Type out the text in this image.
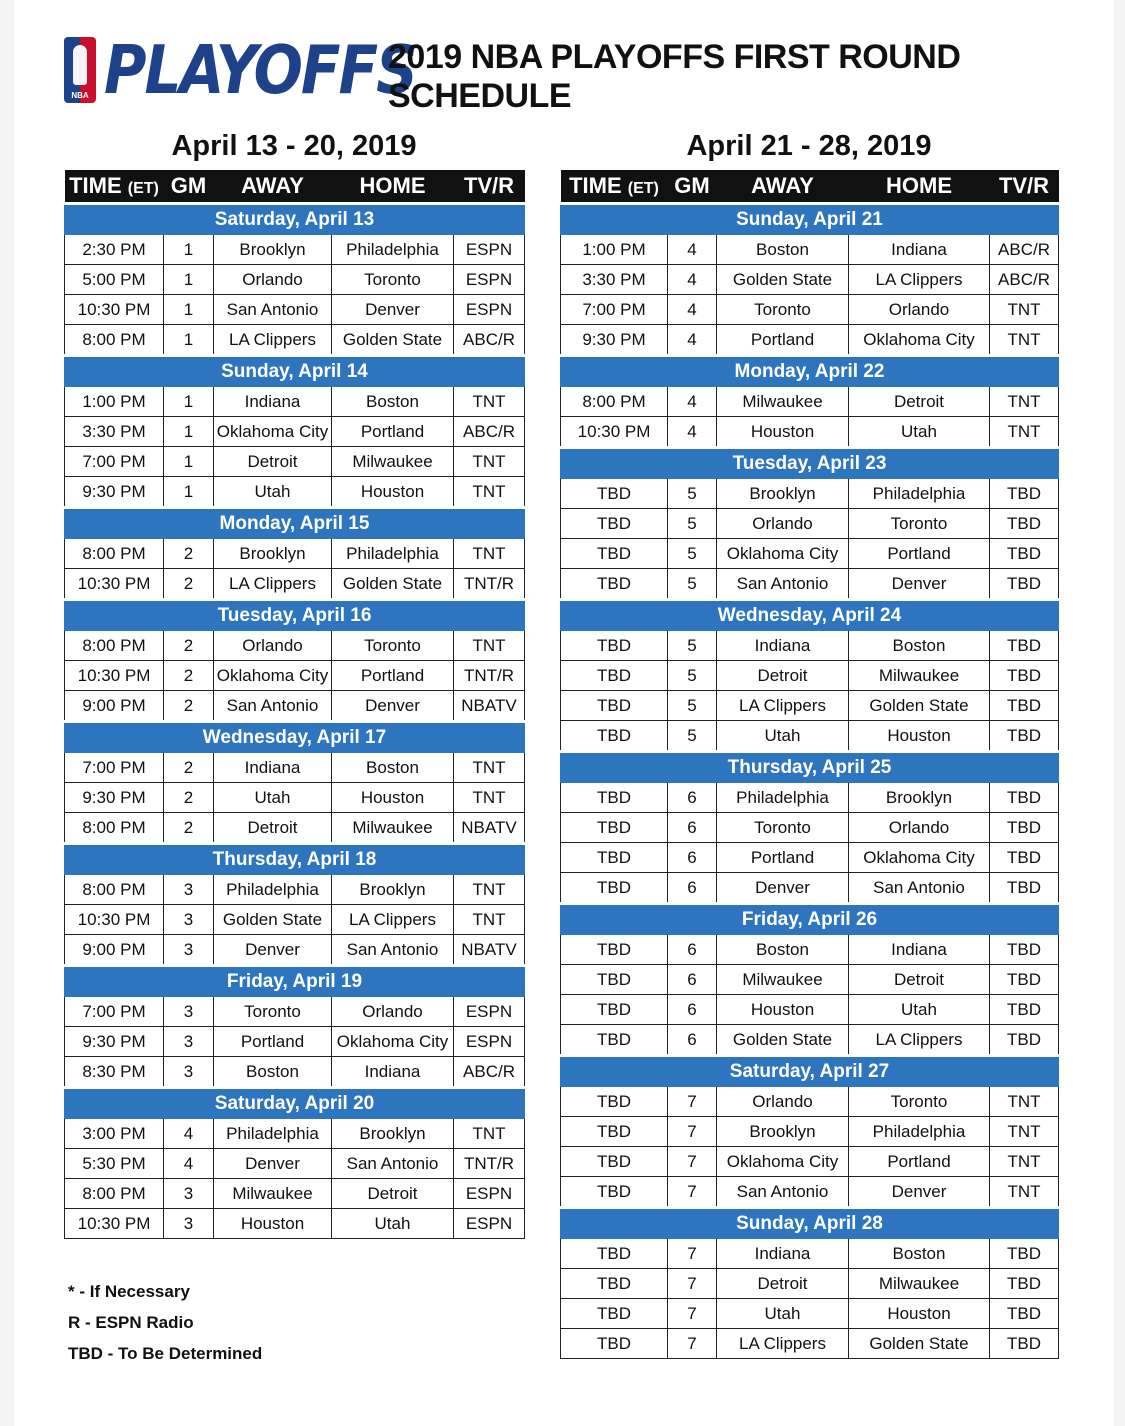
NBA PLAYOFFS
2019 NBA PLAYOFFS FIRST ROUND SCHEDULE
April 13 - 20, 2019	April 21 - 28, 2019
TIME (ET)	GM	AWAY	HOME	TV/R
Saturday, April 13				
2:30 PM	1	Brooklyn	Philadelphia	ESPN
5:00 PM	1	Orlando	Toronto	ESPN
10:30 PM	1	San Antonio	Denver	ESPN
8:00 PM	1	LA Clippers	Golden State	ABC/R
Sunday, April 14				
1:00 PM	1	Indiana	Boston	TNT
3:30 PM	1	Oklahoma City	Portland	ABC/R
7:00 PM	1	Detroit	Milwaukee	TNT
9:30 PM	1	Utah	Houston	TNT
Monday, April 15				
8:00 PM	2	Brooklyn	Philadelphia	TNT
10:30 PM	2	LA Clippers	Golden State	TNT/R
Tuesday, April 16				
8:00 PM	2	Orlando	Toronto	TNT
10:30 PM	2	Oklahoma City	Portland	TNT/R
9:00 PM	2	San Antonio	Denver	NBATV
Wednesday, April 17				
7:00 PM	2	Indiana	Boston	TNT
9:30 PM	2	Utah	Houston	TNT
8:00 PM	2	Detroit	Milwaukee	NBATV
Thursday, April 18				
8:00 PM	3	Philadelphia	Brooklyn	TNT
10:30 PM	3	Golden State	LA Clippers	TNT
9:00 PM	3	Denver	San Antonio	NBATV
Friday, April 19				
7:00 PM	3	Toronto	Orlando	ESPN
9:30 PM	3	Portland	Oklahoma City	ESPN
8:30 PM	3	Boston	Indiana	ABC/R
Saturday, April 20				
3:00 PM	4	Philadelphia	Brooklyn	TNT
5:30 PM	4	Denver	San Antonio	TNT/R
8:00 PM	3	Milwaukee	Detroit	ESPN
10:30 PM	3	Houston	Utah	ESPN
TIME (ET)	GM	AWAY	HOME	TV/R
Sunday, April 21				
1:00 PM	4	Boston	Indiana	ABC/R
3:30 PM	4	Golden State	LA Clippers	ABC/R
7:00 PM	4	Toronto	Orlando	TNT
9:30 PM	4	Portland	Oklahoma City	TNT
Monday, April 22				
8:00 PM	4	Milwaukee	Detroit	TNT
10:30 PM	4	Houston	Utah	TNT
Tuesday, April 23				
TBD	5	Brooklyn	Philadelphia	TBD
TBD	5	Orlando	Toronto	TBD
TBD	5	Oklahoma City	Portland	TBD
TBD	5	San Antonio	Denver	TBD
Wednesday, April 24				
TBD	5	Indiana	Boston	TBD
TBD	5	Detroit	Milwaukee	TBD
TBD	5	LA Clippers	Golden State	TBD
TBD	5	Utah	Houston	TBD
Thursday, April 25				
TBD	6	Philadelphia	Brooklyn	TBD
TBD	6	Toronto	Orlando	TBD
TBD	6	Portland	Oklahoma City	TBD
TBD	6	Denver	San Antonio	TBD
Friday, April 26				
TBD	6	Boston	Indiana	TBD
TBD	6	Milwaukee	Detroit	TBD
TBD	6	Houston	Utah	TBD
TBD	6	Golden State	LA Clippers	TBD
Saturday, April 27				
TBD	7	Orlando	Toronto	TNT
TBD	7	Brooklyn	Philadelphia	TNT
TBD	7	Oklahoma City	Portland	TNT
TBD	7	San Antonio	Denver	TNT
Sunday, April 28				
TBD	7	Indiana	Boston	TBD
TBD	7	Detroit	Milwaukee	TBD
TBD	7	Utah	Houston	TBD
TBD	7	LA Clippers	Golden State	TBD
* - If Necessary
R - ESPN Radio
TBD - To Be Determined
